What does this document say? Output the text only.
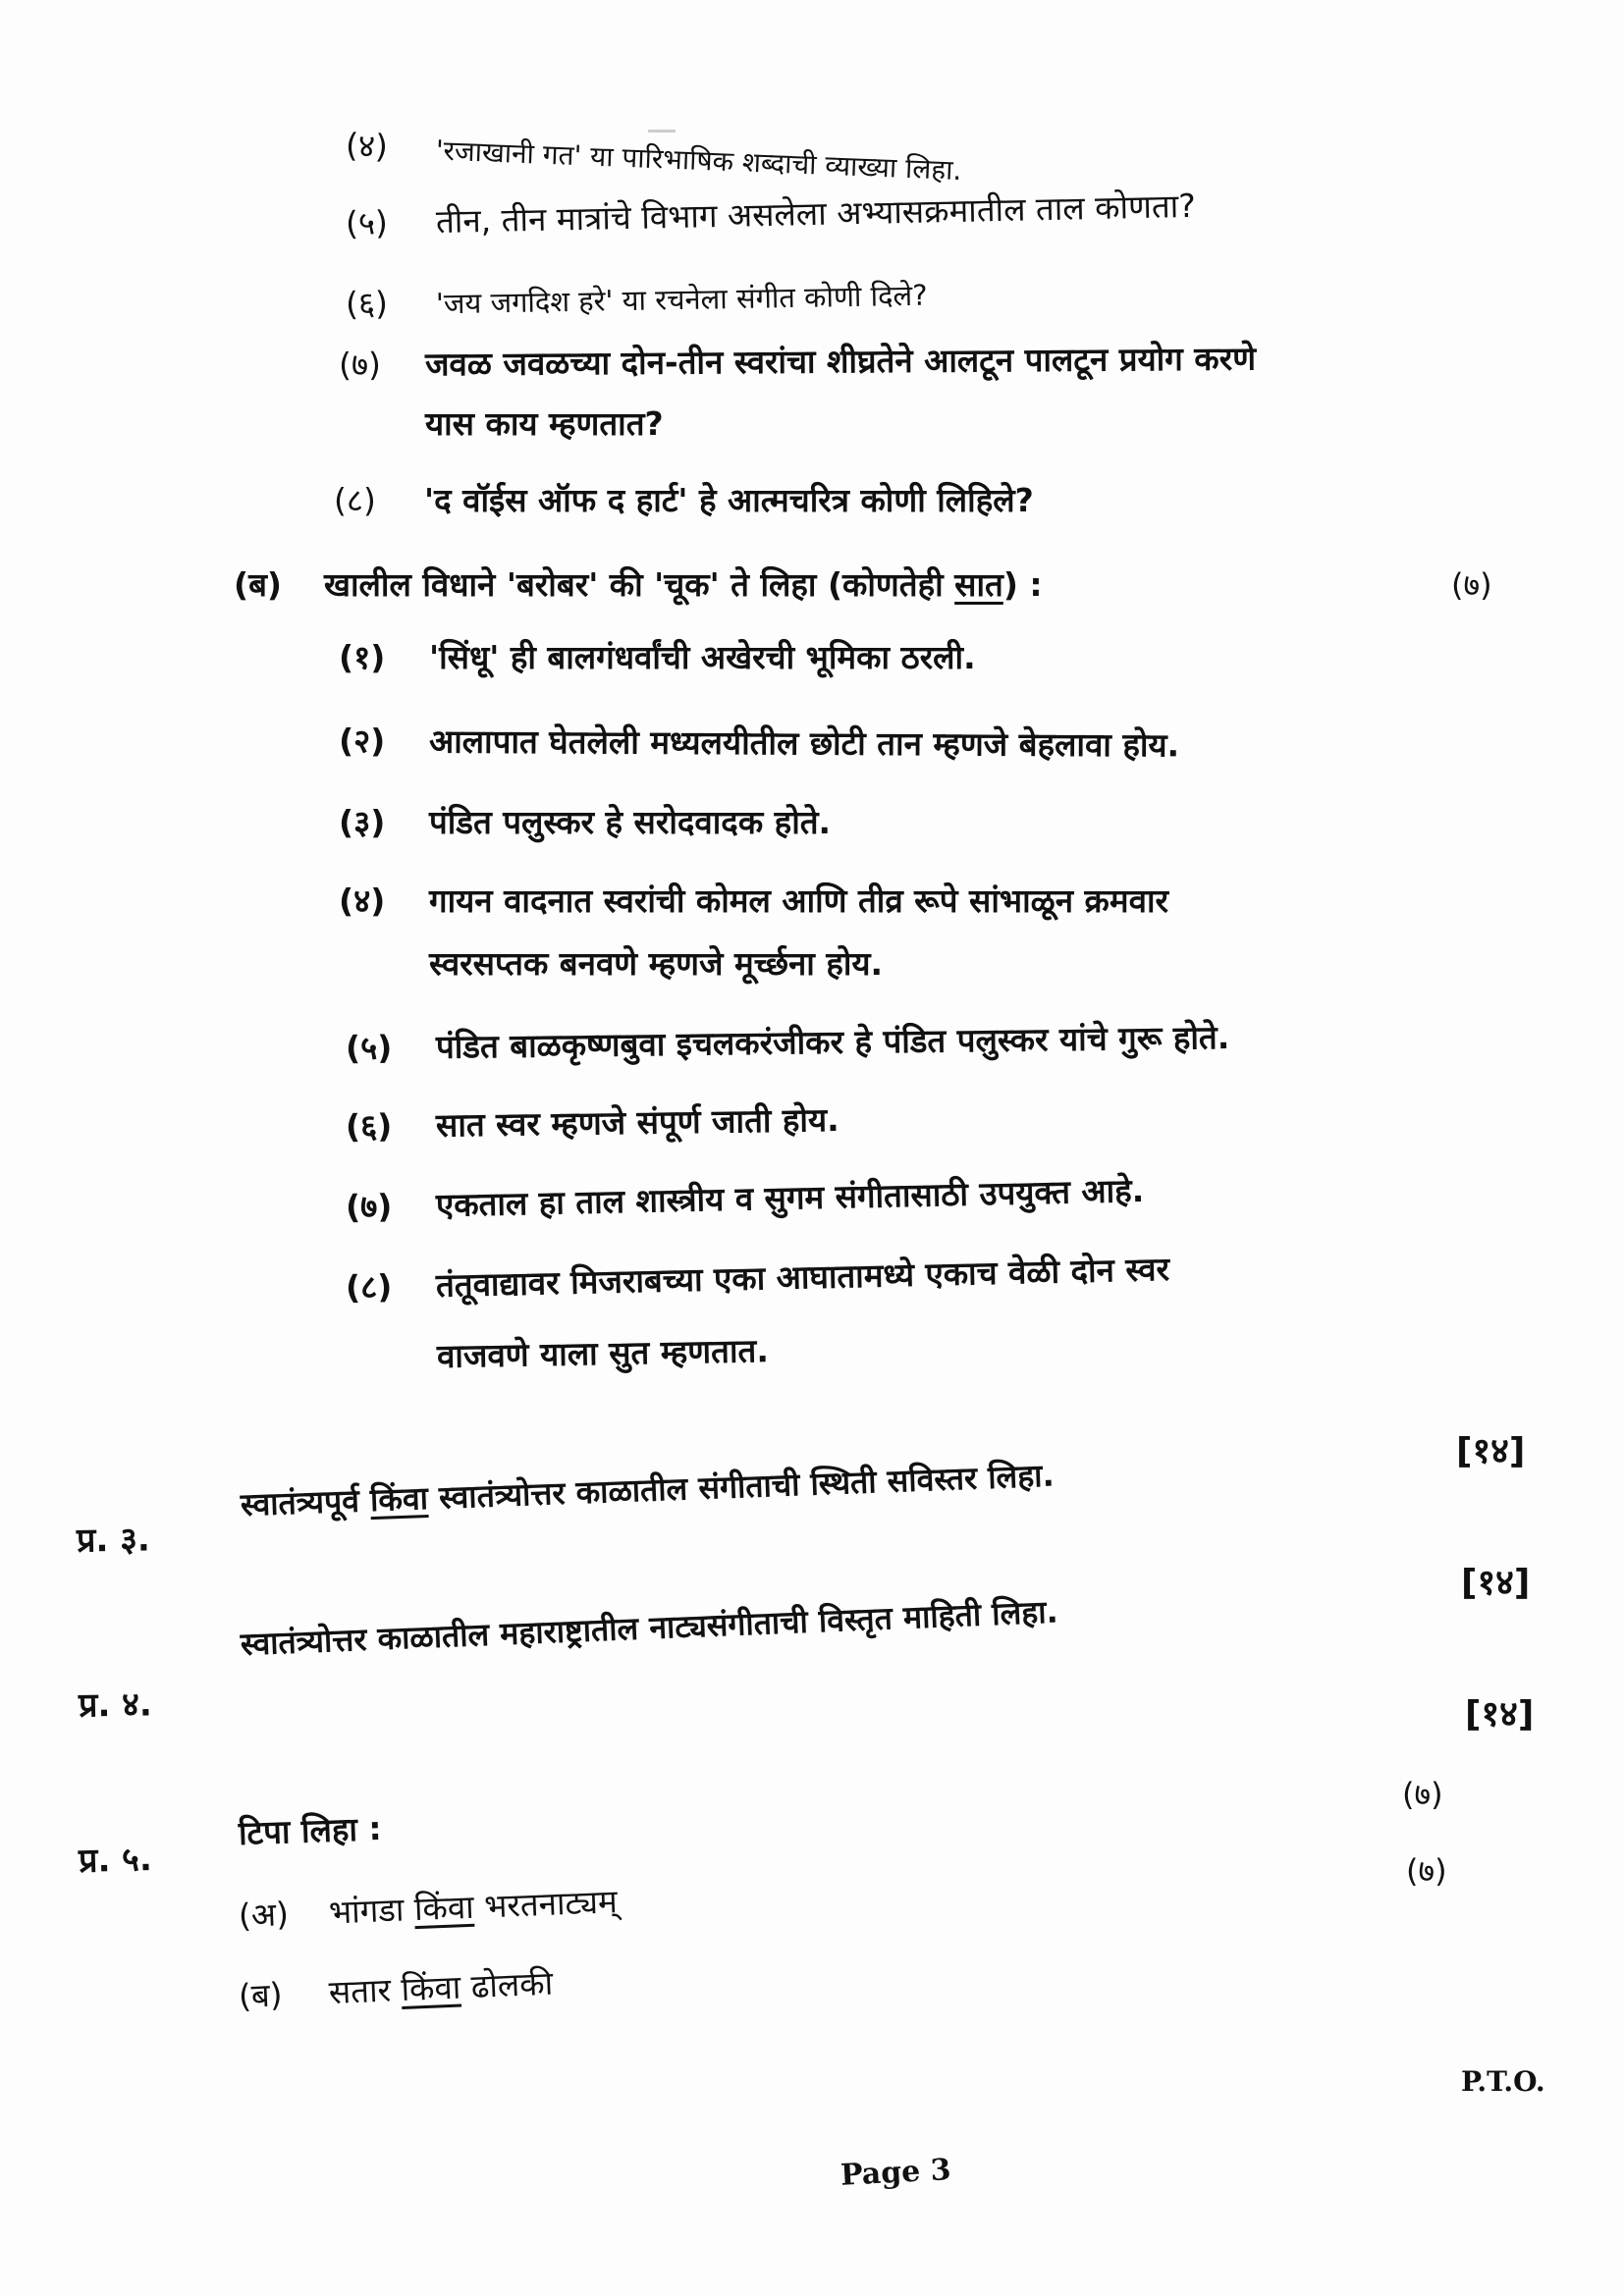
(४) 'रजाखानी गत' या पारिभाषिक शब्दाची व्याख्या लिहा.
(५) तीन, तीन मात्रांचे विभाग असलेला अभ्यासक्रमातील ताल कोणता?
(६) 'जय जगदिश हरे' या रचनेला संगीत कोणी दिले?
(७) जवळ जवळच्या दोन-तीन स्वरांचा शीघ्रतेने आलटून पालटून प्रयोग करणे
यास काय म्हणतात?
(८) 'द वॉईस ऑफ द हार्ट' हे आत्मचरित्र कोणी लिहिले?
(ब) खालील विधाने 'बरोबर' की 'चूक' ते लिहा (कोणतेही सात) :	(७)
(१) 'सिंधू' ही बालगंधर्वांची अखेरची भूमिका ठरली.
(२) आलापात घेतलेली मध्यलयीतील छोटी तान म्हणजे बेहलावा होय.
(३) पंडित पलुस्कर हे सरोदवादक होते.
(४) गायन वादनात स्वरांची कोमल आणि तीव्र रूपे सांभाळून क्रमवार
स्वरसप्तक बनवणे म्हणजे मूर्च्छना होय.
(५) पंडित बाळकृष्णबुवा इचलकरंजीकर हे पंडित पलुस्कर यांचे गुरू होते.
(६) सात स्वर म्हणजे संपूर्ण जाती होय.
(७) एकताल हा ताल शास्त्रीय व सुगम संगीतासाठी उपयुक्त आहे.
(८) तंतूवाद्यावर मिजराबच्या एका आघातामध्ये एकाच वेळी दोन स्वर
वाजवणे याला सुत म्हणतात.
[१४]
प्र. ३.
स्वातंत्र्यपूर्व किंवा स्वातंत्र्योत्तर काळातील संगीताची स्थिती सविस्तर लिहा.
[१४]
प्र. ४.
स्वातंत्र्योत्तर काळातील महाराष्ट्रातील नाट्यसंगीताची विस्तृत माहिती लिहा.
[१४]
प्र. ५.
टिपा लिहा :
(७)
(अ) भांगडा किंवा भरतनाट्यम्
(७)
(ब) सतार किंवा ढोलकी
P.T.O.
Page 3
